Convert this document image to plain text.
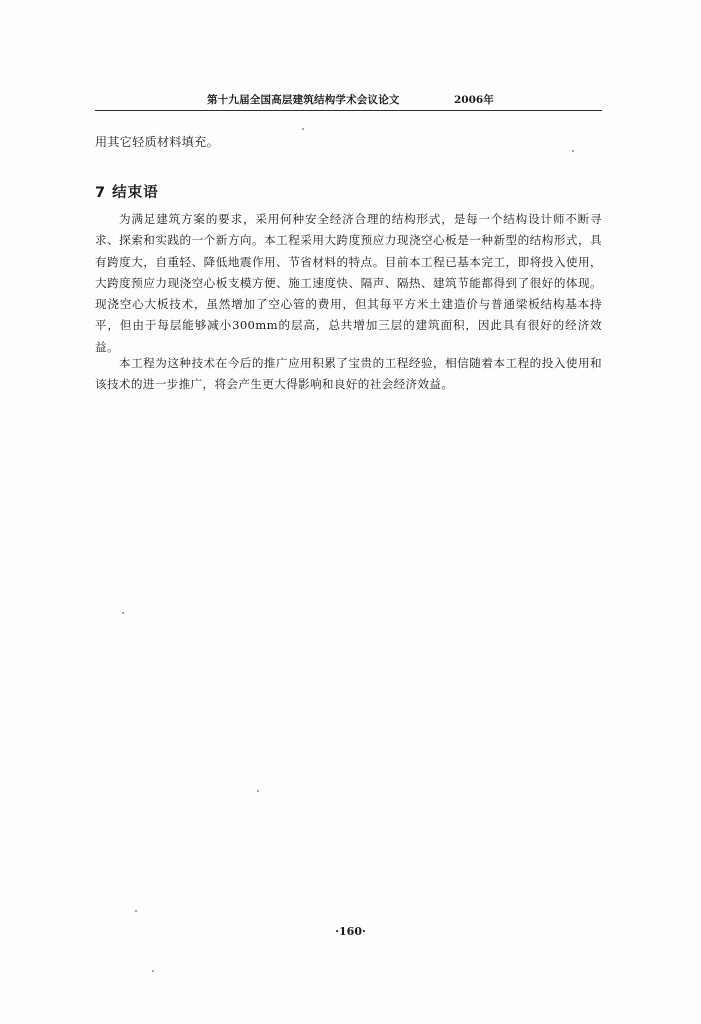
第十九届全国高层建筑结构学术会议论文	2006年
用其它轻质材料填充。
7 结束语

为满足建筑方案的要求，采用何种安全经济合理的结构形式，是每一个结构设计师不断寻求、探索和实践的一个新方向。本工程采用大跨度预应力现浇空心板是一种新型的结构形式，具有跨度大，自重轻、降低地震作用、节省材料的特点。目前本工程已基本完工，即将投入使用，大跨度预应力现浇空心板支模方便、施工速度快、隔声、隔热、建筑节能都得到了很好的体现。现浇空心大板技术，虽然增加了空心管的费用，但其每平方米土建造价与普通梁板结构基本持平，但由于每层能够减小300mm的层高，总共增加三层的建筑面积，因此具有很好的经济效益。

本工程为这种技术在今后的推广应用积累了宝贵的工程经验，相信随着本工程的投入使用和该技术的进一步推广，将会产生更大得影响和良好的社会经济效益。

·160·
